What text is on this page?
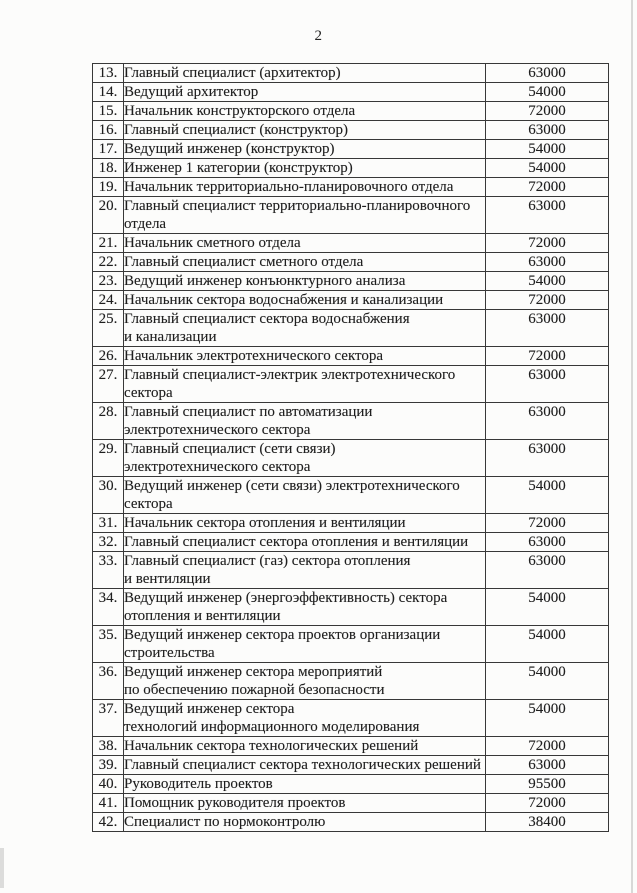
2
13.	Главный специалист (архитектор)	63000
14.	Ведущий архитектор	54000
15.	Начальник конструкторского отдела	72000
16.	Главный специалист (конструктор)	63000
17.	Ведущий инженер (конструктор)	54000
18.	Инженер 1 категории (конструктор)	54000
19.	Начальник территориально-планировочного отдела	72000
20.	Главный специалист территориально-планировочного
отдела	63000
21.	Начальник сметного отдела	72000
22.	Главный специалист сметного отдела	63000
23.	Ведущий инженер конъюнктурного анализа	54000
24.	Начальник сектора водоснабжения и канализации	72000
25.	Главный специалист сектора водоснабжения
и канализации	63000
26.	Начальник электротехнического сектора	72000
27.	Главный специалист-электрик электротехнического
сектора	63000
28.	Главный специалист по автоматизации
электротехнического сектора	63000
29.	Главный специалист (сети связи)
электротехнического сектора	63000
30.	Ведущий инженер (сети связи) электротехнического
сектора	54000
31.	Начальник сектора отопления и вентиляции	72000
32.	Главный специалист сектора отопления и вентиляции	63000
33.	Главный специалист (газ) сектора отопления
и вентиляции	63000
34.	Ведущий инженер (энергоэффективность) сектора
отопления и вентиляции	54000
35.	Ведущий инженер сектора проектов организации
строительства	54000
36.	Ведущий инженер сектора мероприятий
по обеспечению пожарной безопасности	54000
37.	Ведущий инженер сектора
технологий информационного моделирования	54000
38.	Начальник сектора технологических решений	72000
39.	Главный специалист сектора технологических решений	63000
40.	Руководитель проектов	95500
41.	Помощник руководителя проектов	72000
42.	Специалист по нормоконтролю	38400
